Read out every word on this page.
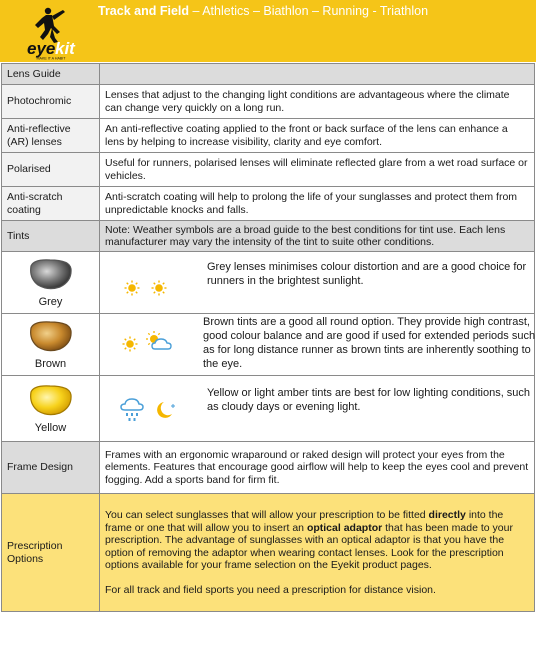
eye kit
MAKE IT A HABIT
Track and Field – Athletics – Biathlon – Running - Triathlon
Lens Guide	
Photochromic	Lenses that adjust to the changing light conditions are advantageous where the climate can change very quickly on a long run.
Anti-reflective (AR) lenses	An anti-reflective coating applied to the front or back surface of the lens can enhance a lens by helping to increase visibility, clarity and eye comfort.
Polarised	Useful for runners, polarised lenses will eliminate reflected glare from a wet road surface or vehicles.
Anti-scratch coating	Anti-scratch coating will help to prolong the life of your sunglasses and protect them from unpredictable knocks and falls.
Tints	Note: Weather symbols are a broad guide to the best conditions for tint use. Each lens manufacturer may vary the intensity of the tint to suite other conditions.

Grey	Grey lenses minimises colour distortion and are a good choice for runners in the brightest sunlight.

Brown	Brown tints are a good all round option. They provide high contrast, good colour balance and are good if used for extended periods such as for long distance runner as brown tints are inherently soothing to the eye.

Yellow	Yellow or light amber tints are best for low lighting conditions, such as cloudy days or evening light.

Frame Design	Frames with an ergonomic wraparound or raked design will protect your eyes from the elements. Features that encourage good airflow will help to keep the eyes cool and prevent fogging. Add a sports band for firm fit.
Prescription Options	You can select sunglasses that will allow your prescription to be fitted directly into the frame or one that will allow you to insert an optical adaptor that has been made to your prescription. The advantage of sunglasses with an optical adaptor is that you have the option of removing the adaptor when wearing contact lenses. Look for the prescription options available for your frame selection on the Eyekit product pages.
For all track and field sports you need a prescription for distance vision.
